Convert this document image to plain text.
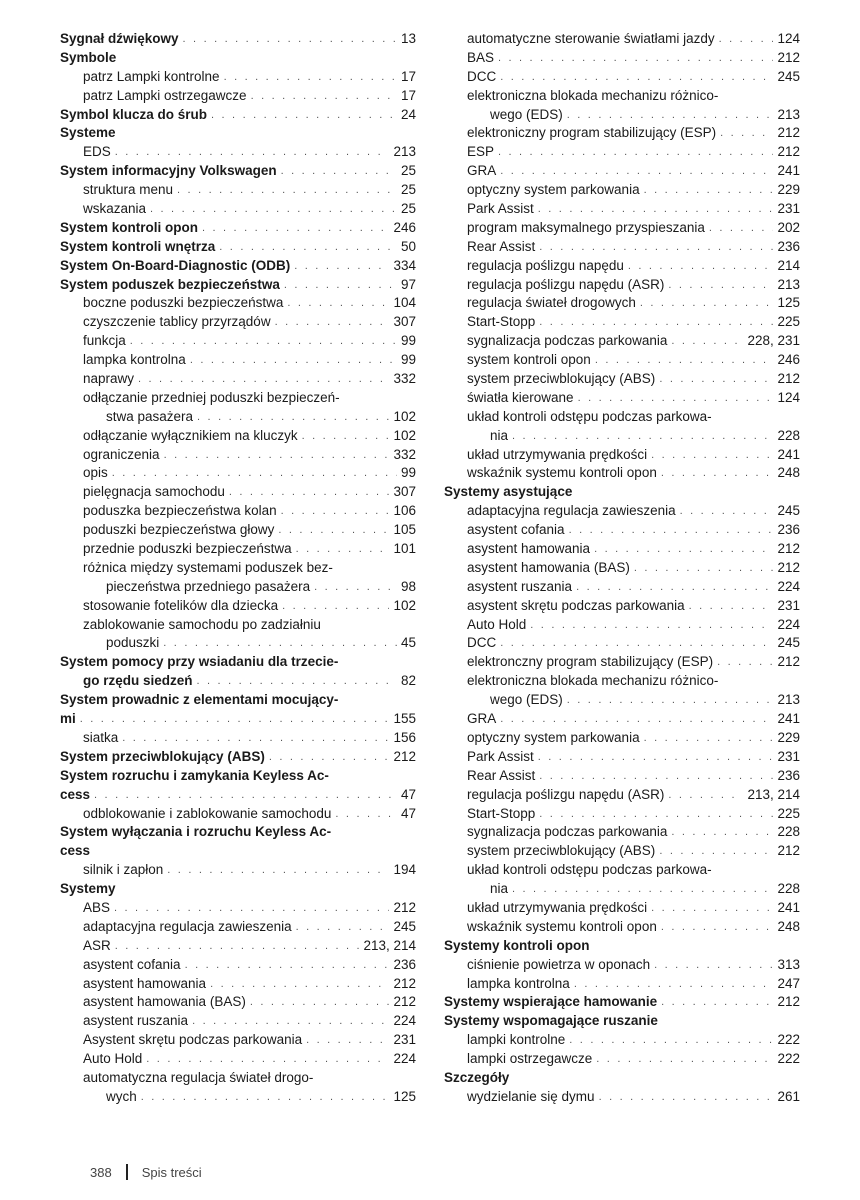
Sygnał dźwiękowy . . .	13
Symbole
patrz Lampki kontrolne . . .	17
patrz Lampki ostrzegawcze . . .	17
Symbol klucza do śrub . . .	24
Systeme
EDS . . .	213
System informacyjny Volkswagen . . .	25
struktura menu . . .	25
wskazania . . .	25
System kontroli opon . . .	246
System kontroli wnętrza . . .	50
System On-Board-Diagnostic (ODB) . . .	334
System poduszek bezpieczeństwa . . .	97
boczne poduszki bezpieczeństwa . . .	104
czyszczenie tablicy przyrządów . . .	307
funkcja . . .	99
lampka kontrolna . . .	99
naprawy . . .	332
odłączanie przedniej poduszki bezpieczeń-
stwa pasażera . . .	102
odłączanie wyłącznikiem na kluczyk . . .	102
ograniczenia . . .	332
opis . . .	99
pielęgnacja samochodu . . .	307
poduszka bezpieczeństwa kolan . . .	106
poduszki bezpieczeństwa głowy . . .	105
przednie poduszki bezpieczeństwa . . .	101
różnica między systemami poduszek bez-
pieczeństwa przedniego pasażera . . .	98
stosowanie fotelików dla dziecka . . .	102
zablokowanie samochodu po zadziałniu
poduszki . . .	45
System pomocy przy wsiadaniu dla trzecie-
go rzędu siedzeń . . .	82
System prowadnic z elementami mocujący-
mi . . .	155
siatka . . .	156
System przeciwblokujący (ABS) . . .	212
System rozruchu i zamykania Keyless Ac-
cess . . .	47
odblokowanie i zablokowanie samochodu . . .	47
System wyłączania i rozruchu Keyless Ac-
cess
silnik i zapłon . . .	194
Systemy
ABS . . .	212
adaptacyjna regulacja zawieszenia . . .	245
ASR . . .	213, 214
asystent cofania . . .	236
asystent hamowania . . .	212
asystent hamowania (BAS) . . .	212
asystent ruszania . . .	224
Asystent skrętu podczas parkowania . . .	231
Auto Hold . . .	224
automatyczna regulacja świateł drogo-
wych . . .	125
automatyczne sterowanie światłami jazdy . . .	124
BAS . . .	212
DCC . . .	245
elektroniczna blokada mechanizu różnico-
wego (EDS) . . .	213
elektroniczny program stabilizujący (ESP) . . .	212
ESP . . .	212
GRA . . .	241
optyczny system parkowania . . .	229
Park Assist . . .	231
program maksymalnego przyspieszania . . .	202
Rear Assist . . .	236
regulacja poślizgu napędu . . .	214
regulacja poślizgu napędu (ASR) . . .	213
regulacja świateł drogowych . . .	125
Start-Stopp . . .	225
sygnalizacja podczas parkowania . . .	228, 231
system kontroli opon . . .	246
system przeciwblokujący (ABS) . . .	212
światła kierowane . . .	124
układ kontroli odstępu podczas parkowa-
nia . . .	228
układ utrzymywania prędkości . . .	241
wskaźnik systemu kontroli opon . . .	248
Systemy asystujące
adaptacyjna regulacja zawieszenia . . .	245
asystent cofania . . .	236
asystent hamowania . . .	212
asystent hamowania (BAS) . . .	212
asystent ruszania . . .	224
asystent skrętu podczas parkowania . . .	231
Auto Hold . . .	224
DCC . . .	245
elektronczny program stabilizujący (ESP) . . .	212
elektroniczna blokada mechanizu różnico-
wego (EDS) . . .	213
GRA . . .	241
optyczny system parkowania . . .	229
Park Assist . . .	231
Rear Assist . . .	236
regulacja poślizgu napędu (ASR) . . .	213, 214
Start-Stopp . . .	225
sygnalizacja podczas parkowania . . .	228
system przeciwblokujący (ABS) . . .	212
układ kontroli odstępu podczas parkowa-
nia . . .	228
układ utrzymywania prędkości . . .	241
wskaźnik systemu kontroli opon . . .	248
Systemy kontroli opon
ciśnienie powietrza w oponach . . .	313
lampka kontrolna . . .	247
Systemy wspierające hamowanie . . .	212
Systemy wspomagające ruszanie
lampki kontrolne . . .	222
lampki ostrzegawcze . . .	222
Szczegóły
wydzielanie się dymu . . .	261
388 Spis treści
